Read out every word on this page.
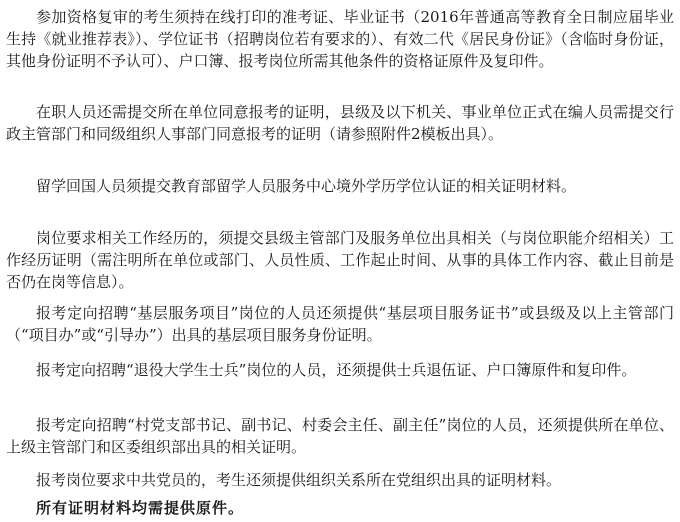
参加资格复审的考生须持在线打印的准考证、毕业证书（2016年普通高等教育全日制应届毕业生持《就业推荐表》）、学位证书（招聘岗位若有要求的）、有效二代《居民身份证》（含临时身份证，其他身份证明不予认可）、户口簿、报考岗位所需其他条件的资格证原件及复印件。

在职人员还需提交所在单位同意报考的证明，县级及以下机关、事业单位正式在编人员需提交行政主管部门和同级组织人事部门同意报考的证明（请参照附件2模板出具）。

留学回国人员须提交教育部留学人员服务中心境外学历学位认证的相关证明材料。

岗位要求相关工作经历的，须提交县级主管部门及服务单位出具相关（与岗位职能介绍相关）工作经历证明（需注明所在单位或部门、人员性质、工作起止时间、从事的具体工作内容、截止目前是否仍在岗等信息）。

报考定向招聘“基层服务项目”岗位的人员还须提供“基层项目服务证书”或县级及以上主管部门（“项目办”或“引导办”）出具的基层项目服务身份证明。

报考定向招聘“退役大学生士兵”岗位的人员，还须提供士兵退伍证、户口簿原件和复印件。

报考定向招聘“村党支部书记、副书记、村委会主任、副主任”岗位的人员，还须提供所在单位、上级主管部门和区委组织部出具的相关证明。

报考岗位要求中共党员的，考生还须提供组织关系所在党组织出具的证明材料。

所有证明材料均需提供原件。
